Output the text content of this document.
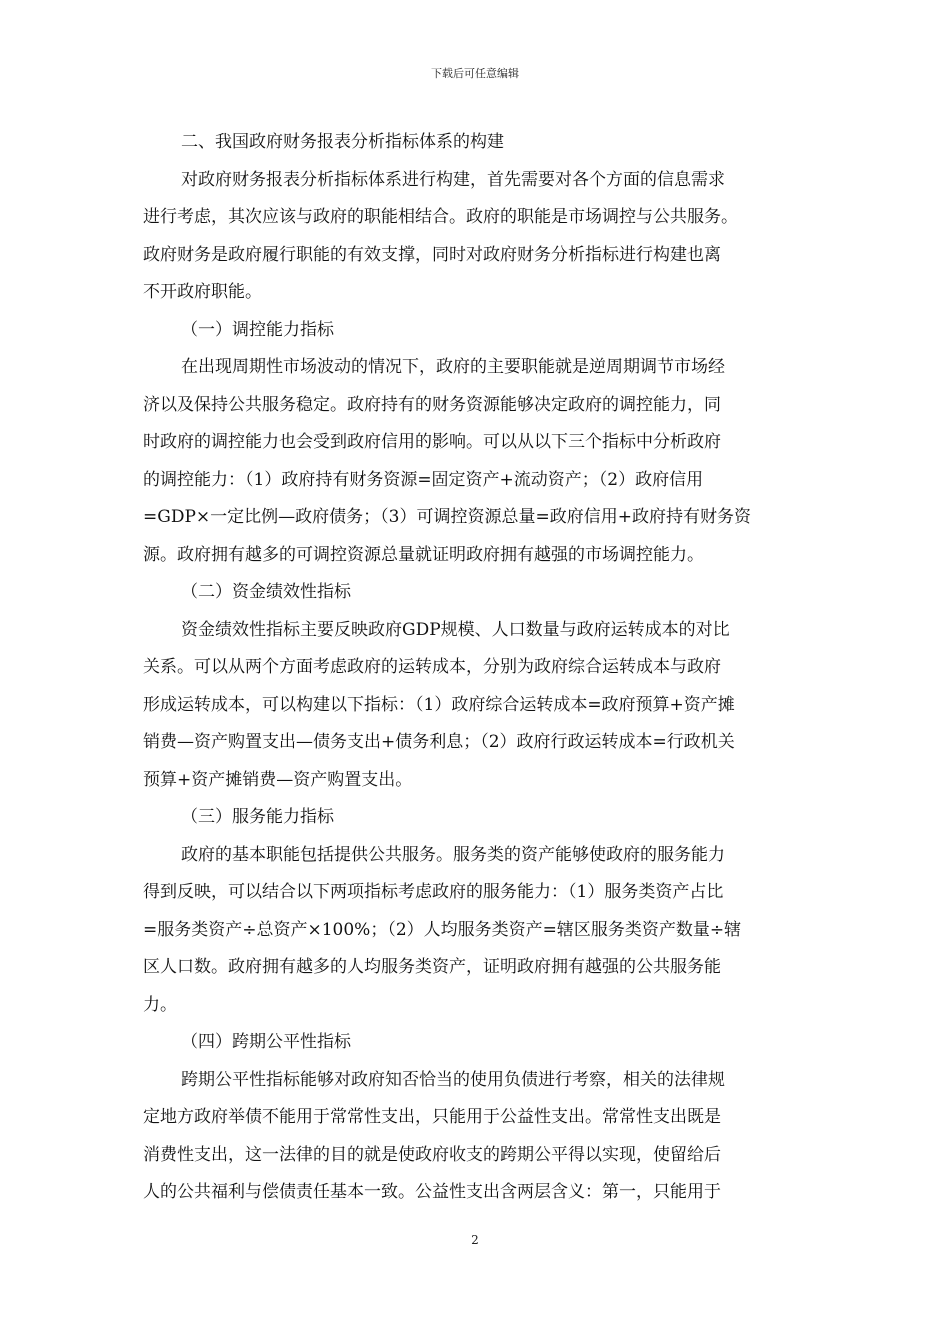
下载后可任意编辑
二、我国政府财务报表分析指标体系的构建
对政府财务报表分析指标体系进行构建，首先需要对各个方面的信息需求
进行考虑，其次应该与政府的职能相结合。政府的职能是市场调控与公共服务。
政府财务是政府履行职能的有效支撑，同时对政府财务分析指标进行构建也离
不开政府职能。
（一）调控能力指标
在出现周期性市场波动的情况下，政府的主要职能就是逆周期调节市场经
济以及保持公共服务稳定。政府持有的财务资源能够决定政府的调控能力，同
时政府的调控能力也会受到政府信用的影响。可以从以下三个指标中分析政府
的调控能力：（1）政府持有财务资源=固定资产+流动资产；（2）政府信用
=GDP×一定比例—政府债务；（3）可调控资源总量=政府信用+政府持有财务资
源。政府拥有越多的可调控资源总量就证明政府拥有越强的市场调控能力。
（二）资金绩效性指标
资金绩效性指标主要反映政府GDP规模、人口数量与政府运转成本的对比
关系。可以从两个方面考虑政府的运转成本，分别为政府综合运转成本与政府
形成运转成本，可以构建以下指标：（1）政府综合运转成本=政府预算+资产摊
销费—资产购置支出—债务支出+债务利息；（2）政府行政运转成本=行政机关
预算+资产摊销费—资产购置支出。
（三）服务能力指标
政府的基本职能包括提供公共服务。服务类的资产能够使政府的服务能力
得到反映，可以结合以下两项指标考虑政府的服务能力：（1）服务类资产占比
=服务类资产÷总资产×100%；（2）人均服务类资产=辖区服务类资产数量÷辖
区人口数。政府拥有越多的人均服务类资产，证明政府拥有越强的公共服务能
力。
（四）跨期公平性指标
跨期公平性指标能够对政府知否恰当的使用负债进行考察，相关的法律规
定地方政府举债不能用于常常性支出，只能用于公益性支出。常常性支出既是
消费性支出，这一法律的目的就是使政府收支的跨期公平得以实现，使留给后
人的公共福利与偿债责任基本一致。公益性支出含两层含义：第一，只能用于
2
